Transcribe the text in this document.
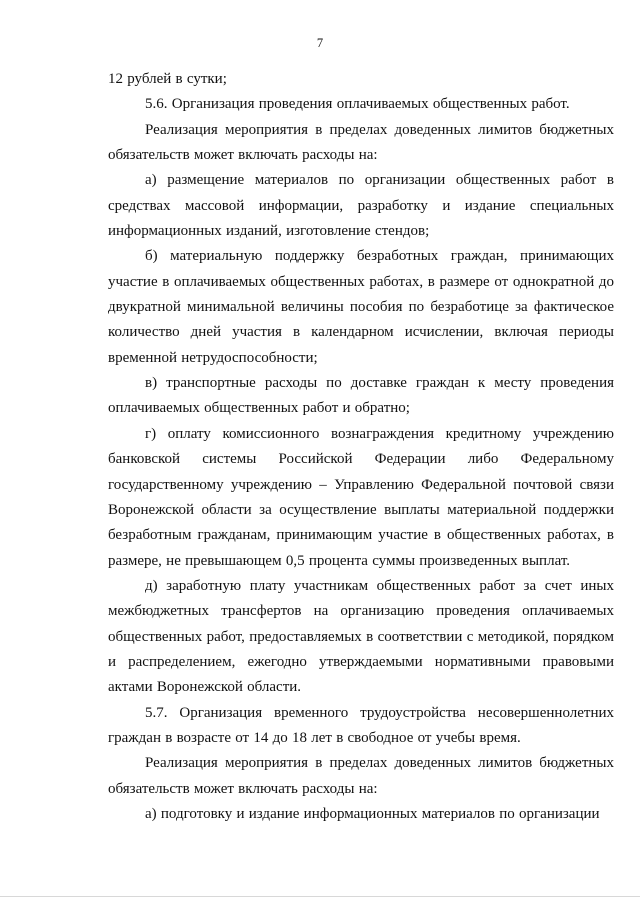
7

12 рублей в сутки;

5.6. Организация проведения оплачиваемых общественных работ.

Реализация мероприятия в пределах доведенных лимитов бюджетных обязательств может включать расходы на:

а) размещение материалов по организации общественных работ в средствах массовой информации, разработку и издание специальных информационных изданий, изготовление стендов;

б) материальную поддержку безработных граждан, принимающих участие в оплачиваемых общественных работах, в размере от однократной до двукратной минимальной величины пособия по безработице за фактическое количество дней участия в календарном исчислении, включая периоды временной нетрудоспособности;

в) транспортные расходы по доставке граждан к месту проведения оплачиваемых общественных работ и обратно;

г) оплату комиссионного вознаграждения кредитному учреждению банковской системы Российской Федерации либо Федеральному государственному учреждению – Управлению Федеральной почтовой связи Воронежской области за осуществление выплаты материальной поддержки безработным гражданам, принимающим участие в общественных работах, в размере, не превышающем 0,5 процента суммы произведенных выплат.

д) заработную плату участникам общественных работ за счет иных межбюджетных трансфертов на организацию проведения оплачиваемых общественных работ, предоставляемых в соответствии с методикой, порядком и распределением, ежегодно утверждаемыми нормативными правовыми актами Воронежской области.

5.7. Организация временного трудоустройства несовершеннолетних граждан в возрасте от 14 до 18 лет в свободное от учебы время.

Реализация мероприятия в пределах доведенных лимитов бюджетных обязательств может включать расходы на:

а) подготовку и издание информационных материалов по организации
